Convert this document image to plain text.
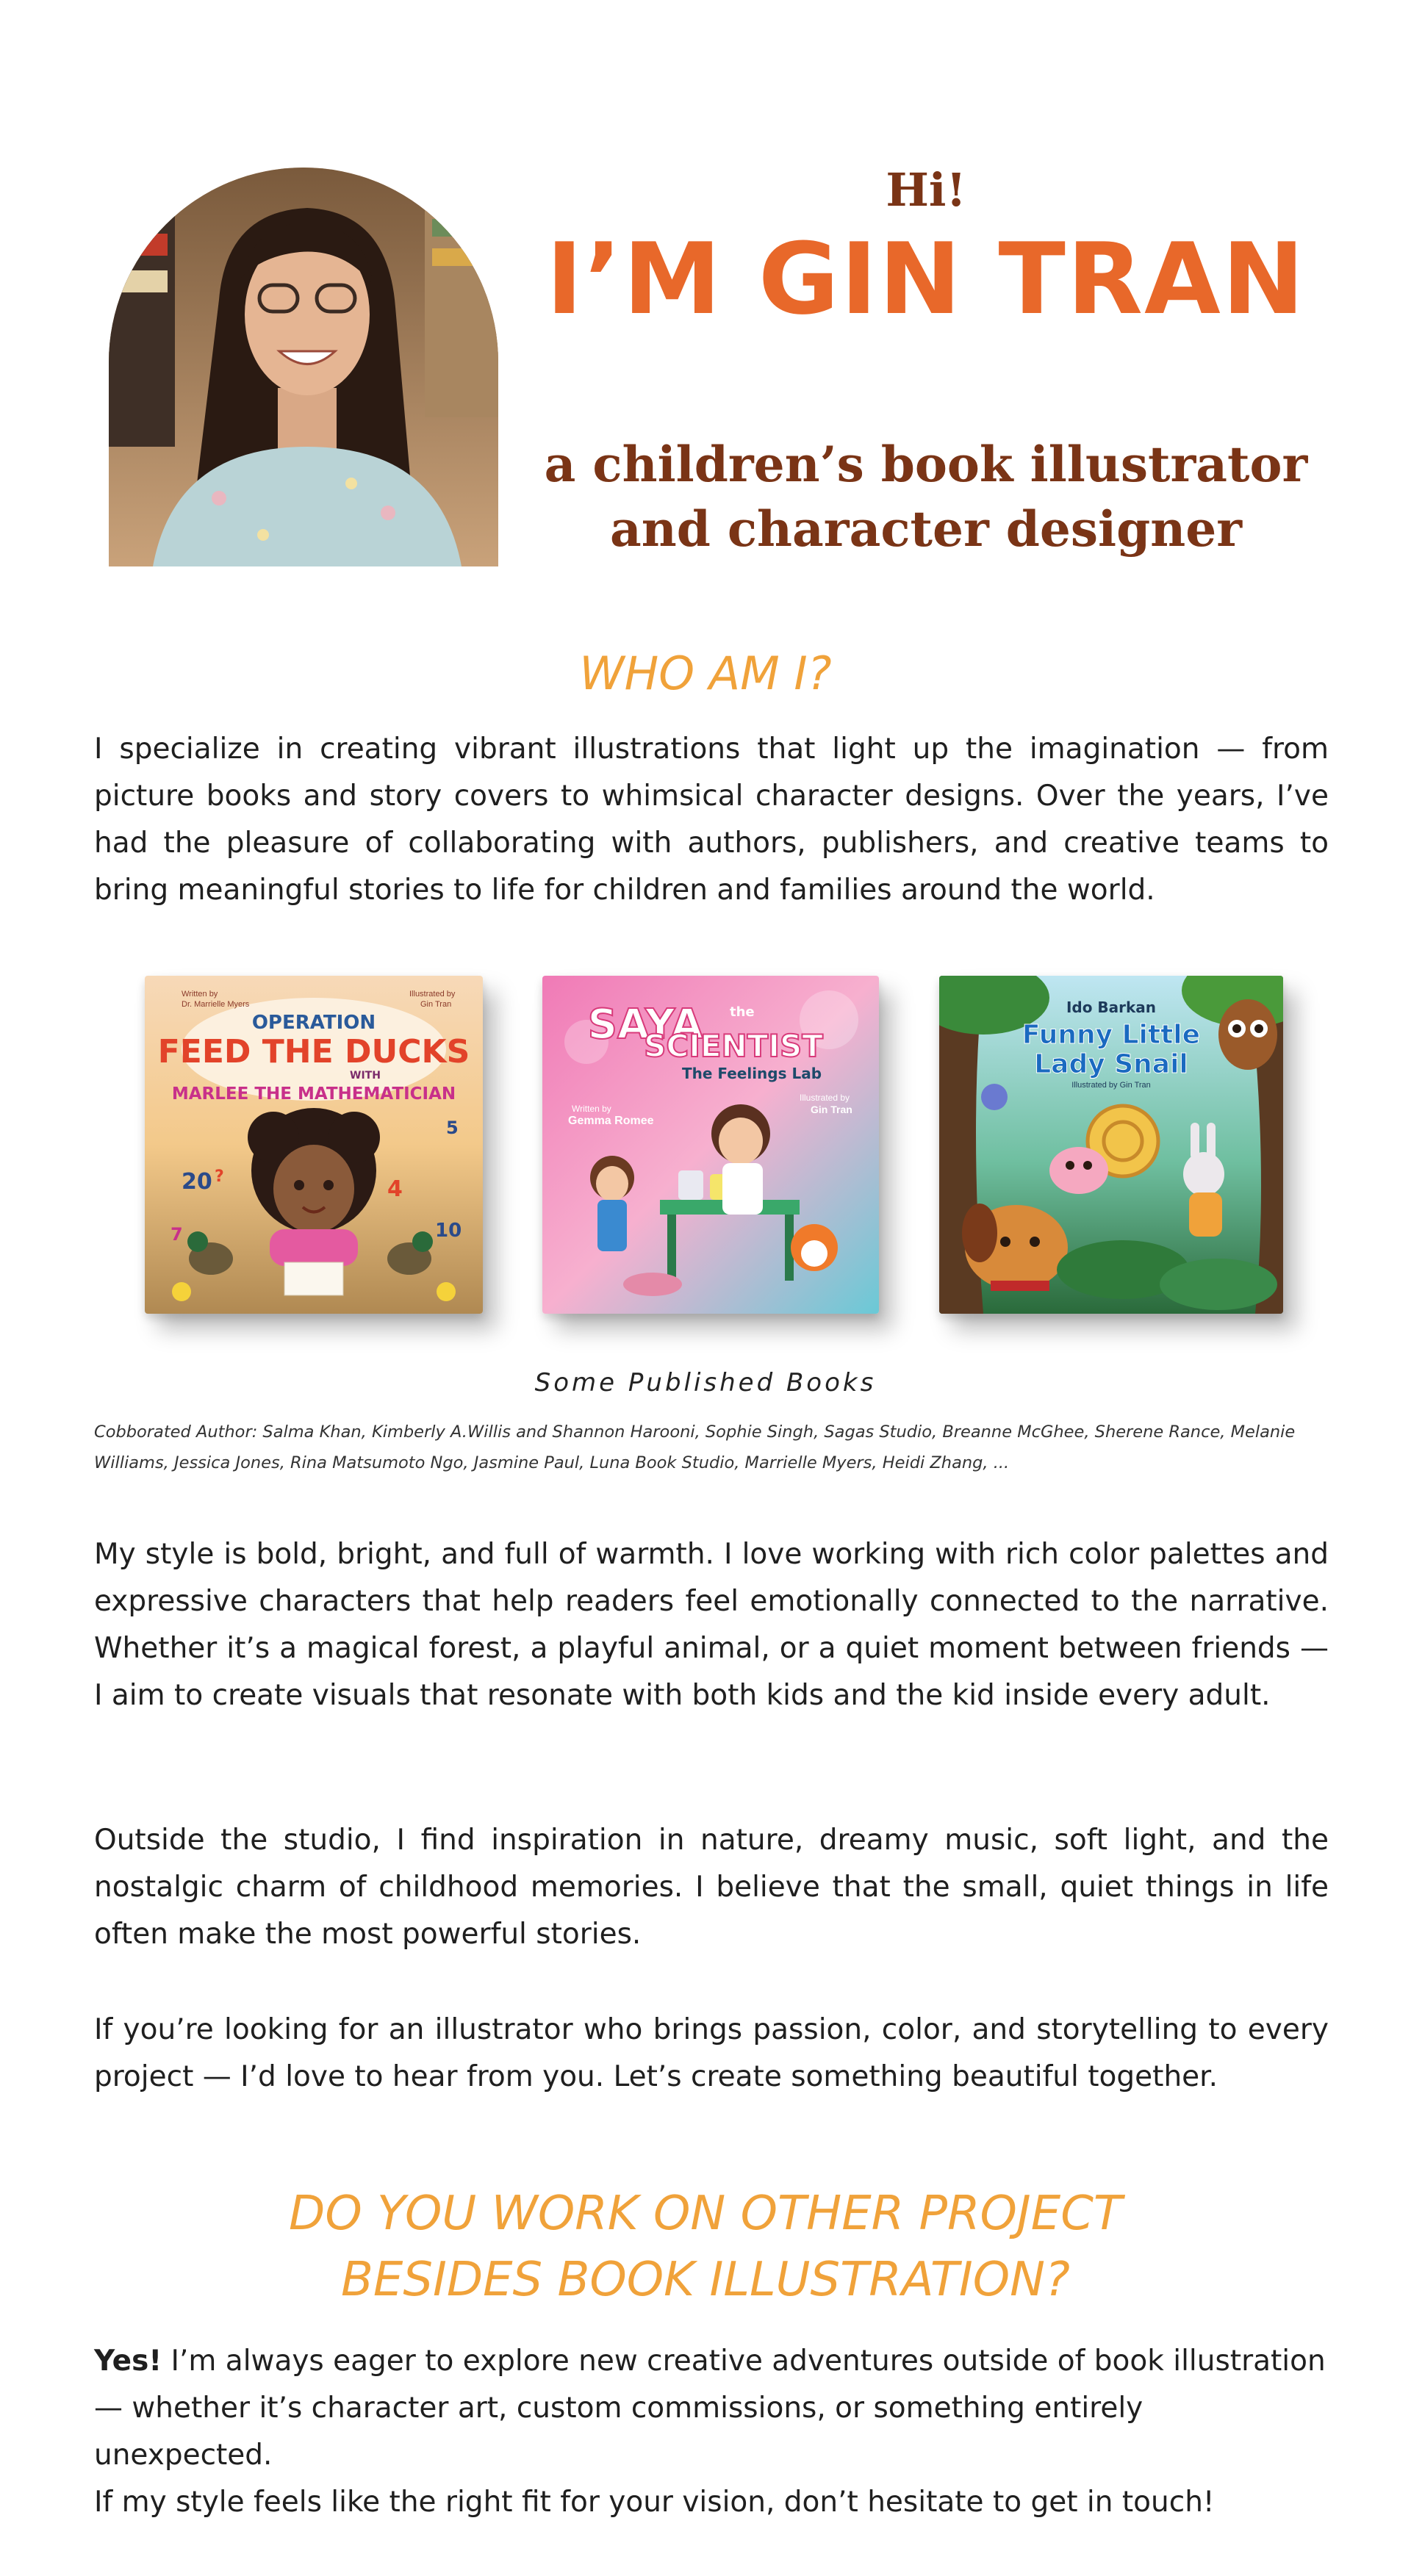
Hi!
I’M GIN TRAN
a children’s book illustrator
and character designer
WHO AM I?
I specialize in creating vibrant illustrations that light up the imagination — from picture books and story covers to whimsical character designs. Over the years, I’ve had the pleasure of collaborating with authors, publishers, and creative teams to bring meaningful stories to life for children and families around the world.
Written by
Dr. Marrielle Myers
Illustrated by
Gin Tran
OPERATION
FEED THE DUCKS
WITH
MARLEE THE MATHEMATICIAN
20 ?	4
5
7	10
SAYA the
SCIENTIST
The Feelings Lab
Written by
Gemma Romee
Illustrated by
Gin Tran
Ido Barkan
Funny Little
Lady Snail
Illustrated by Gin Tran
Some Published Books
Cobborated Author: Salma Khan, Kimberly A.Willis and Shannon Harooni, Sophie Singh, Sagas Studio, Breanne McGhee, Sherene Rance, Melanie Williams, Jessica Jones, Rina Matsumoto Ngo, Jasmine Paul, Luna Book Studio, Marrielle Myers, Heidi Zhang, ...
My style is bold, bright, and full of warmth. I love working with rich color palettes and expressive characters that help readers feel emotionally connected to the narrative. Whether it’s a magical forest, a playful animal, or a quiet moment between friends — I aim to create visuals that resonate with both kids and the kid inside every adult.
Outside the studio, I find inspiration in nature, dreamy music, soft light, and the nostalgic charm of childhood memories. I believe that the small, quiet things in life often make the most powerful stories.
If you’re looking for an illustrator who brings passion, color, and storytelling to every project — I’d love to hear from you. Let’s create something beautiful together.
DO YOU WORK ON OTHER PROJECT
BESIDES BOOK ILLUSTRATION?
Yes! I’m always eager to explore new creative adventures outside of book illustration — whether it’s character art, custom commissions, or something entirely unexpected.
If my style feels like the right fit for your vision, don’t hesitate to get in touch!
